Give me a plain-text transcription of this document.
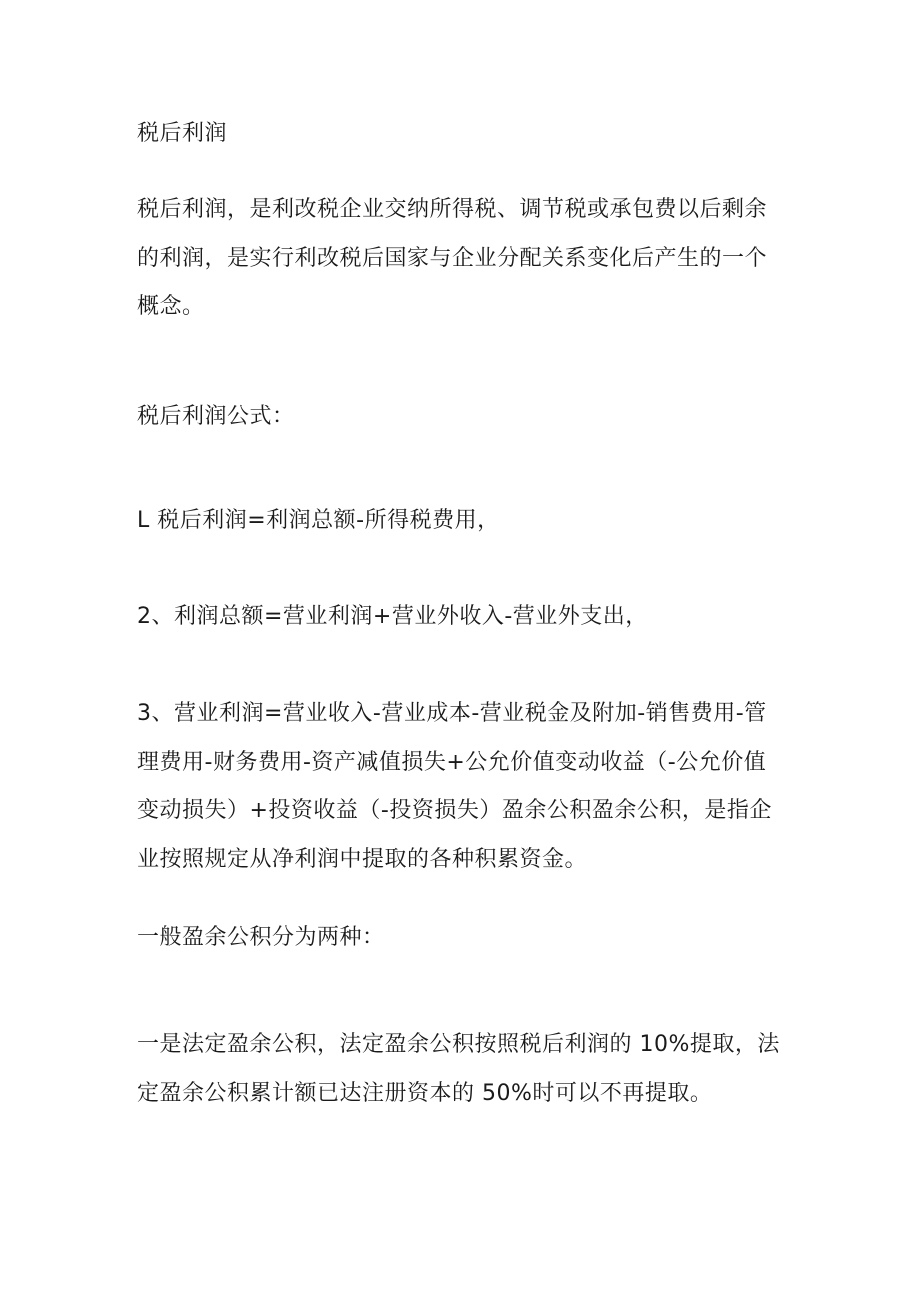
税后利润

税后利润，是利改税企业交纳所得税、调节税或承包费以后剩余的利润，是实行利改税后国家与企业分配关系变化后产生的一个概念。

税后利润公式：

L 税后利润=利润总额-所得税费用，

2、利润总额=营业利润+营业外收入-营业外支出，

3、营业利润=营业收入-营业成本-营业税金及附加-销售费用-管理费用-财务费用-资产减值损失+公允价值变动收益（-公允价值变动损失）+投资收益（-投资损失）盈余公积盈余公积，是指企业按照规定从净利润中提取的各种积累资金。

一般盈余公积分为两种：

一是法定盈余公积，法定盈余公积按照税后利润的 10%提取，法定盈余公积累计额已达注册资本的 50%时可以不再提取。
